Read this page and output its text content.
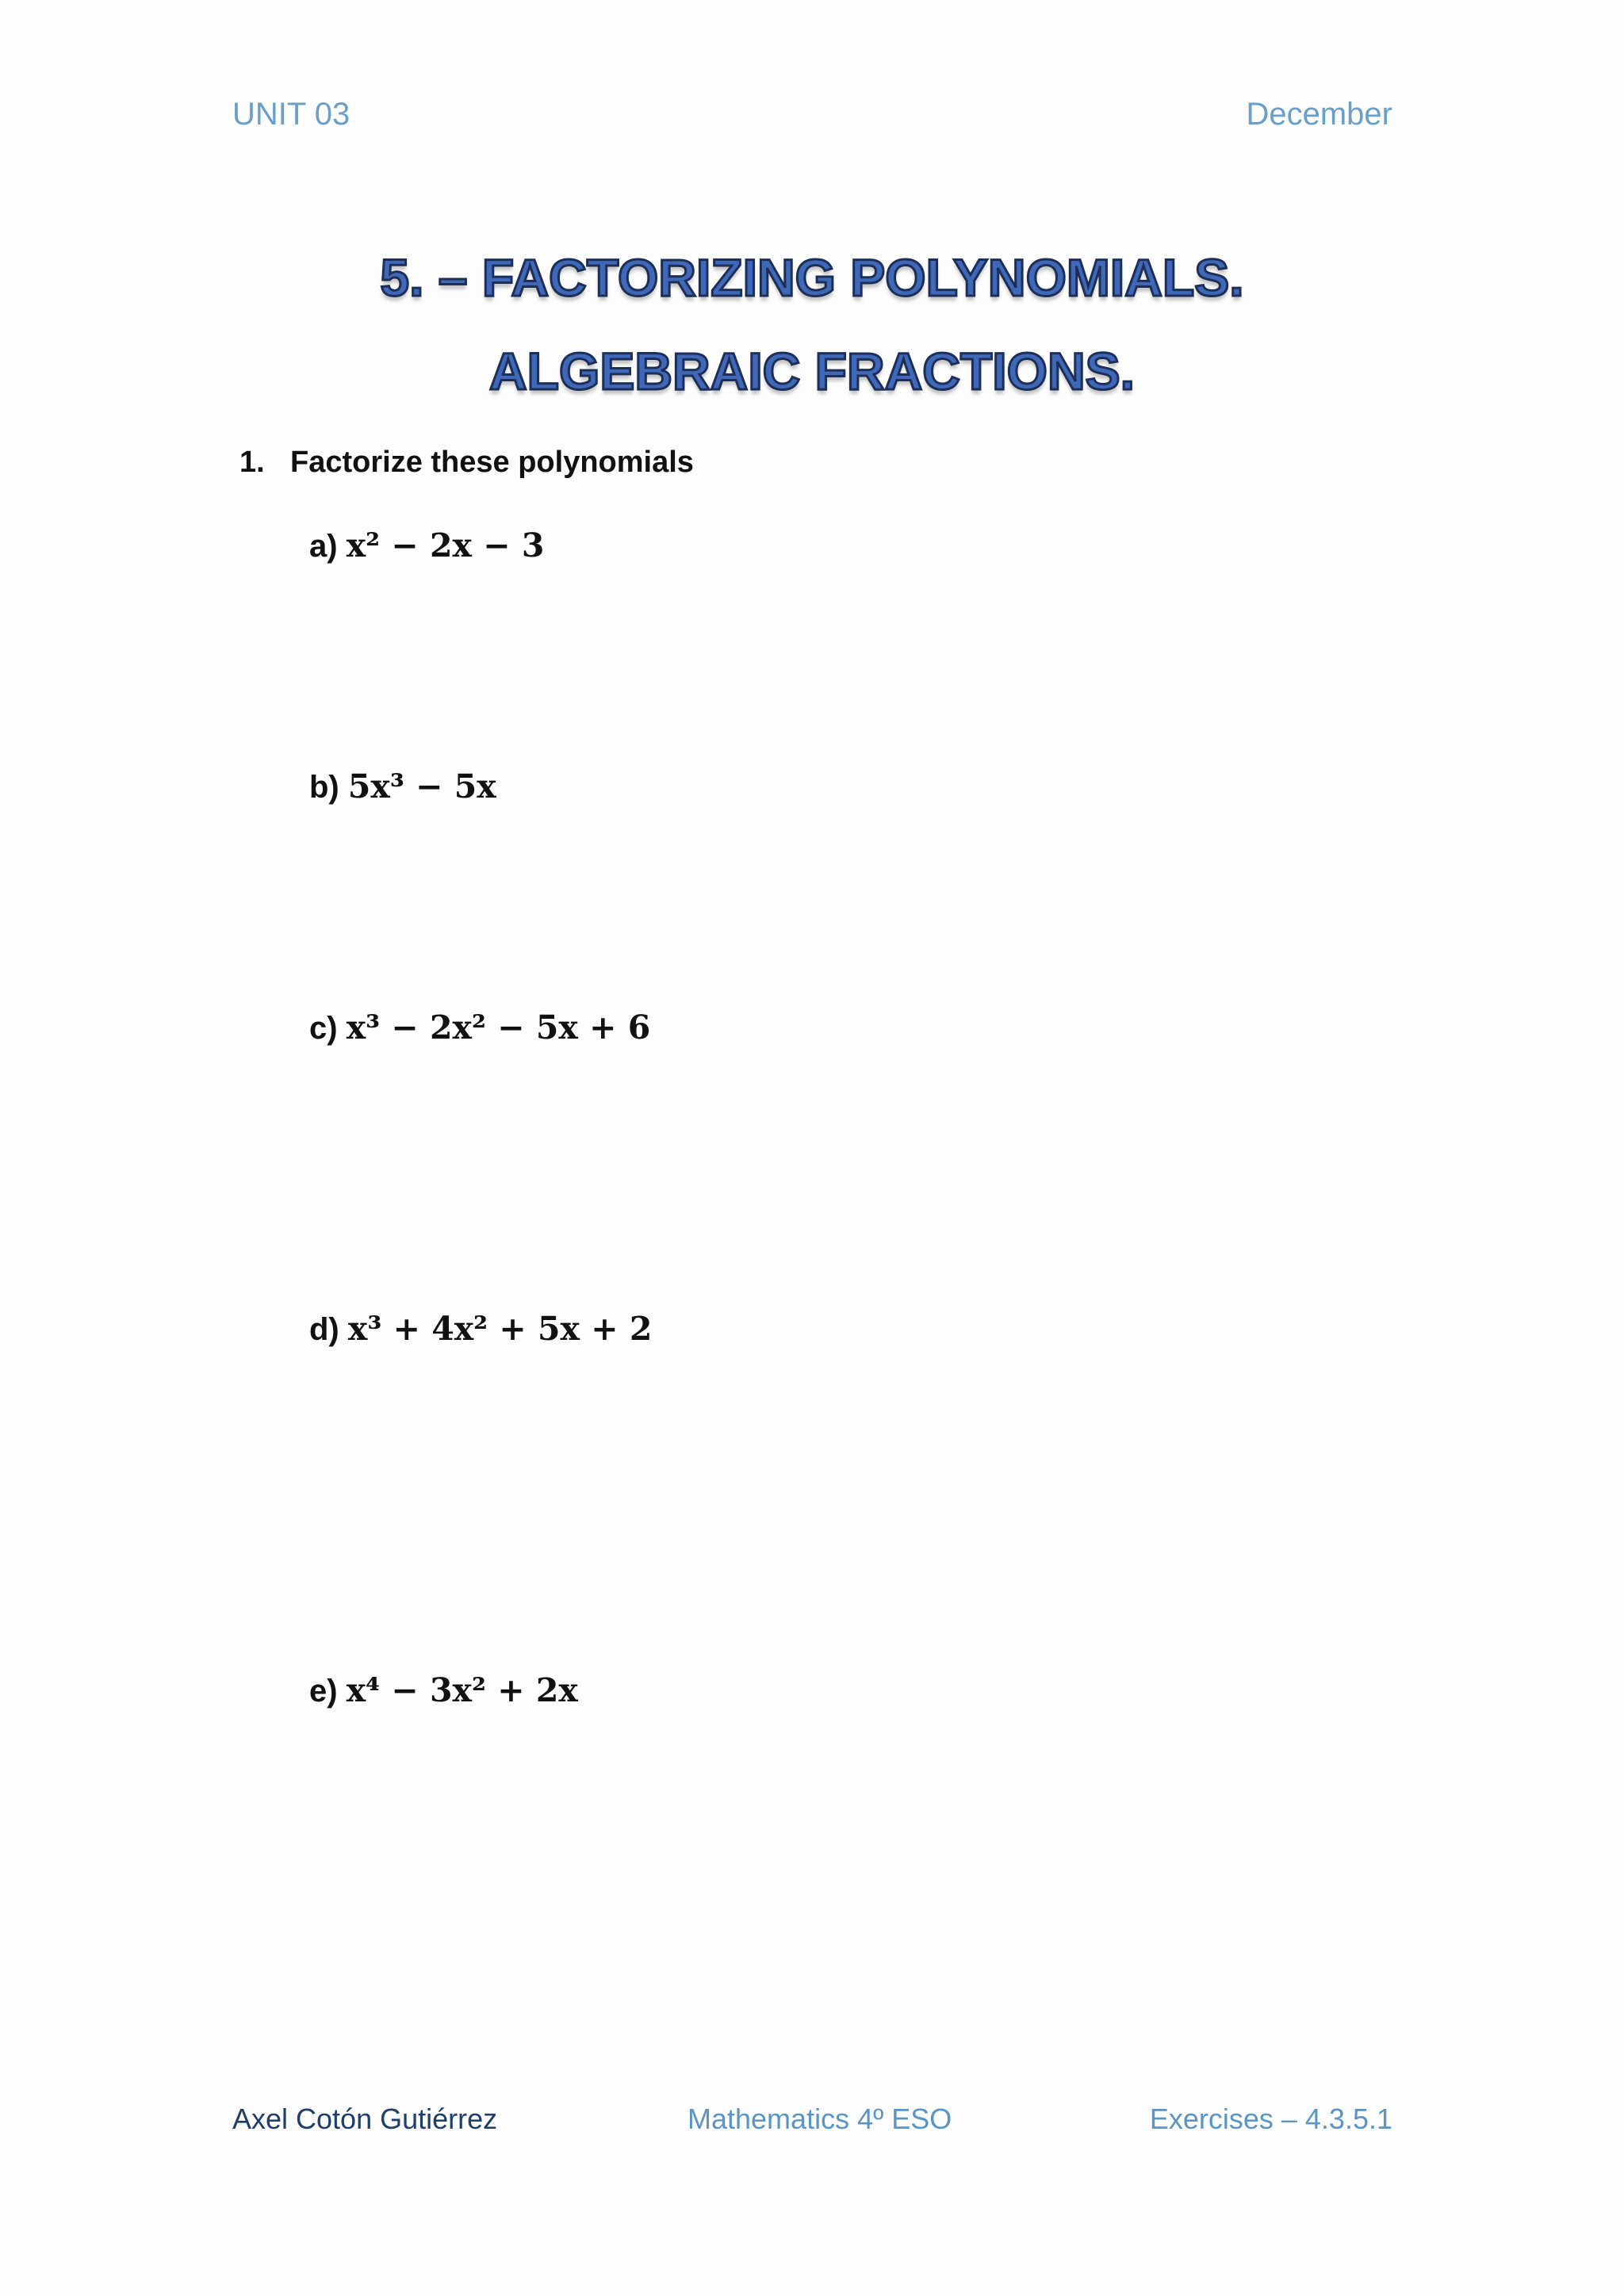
UNIT 03	December
5. – FACTORIZING POLYNOMIALS.
ALGEBRAIC FRACTIONS.
1. Factorize these polynomials
a) x² − 2x − 3
b) 5x³ − 5x
c) x³ − 2x² − 5x + 6
d) x³ + 4x² + 5x + 2
e) x⁴ − 3x² + 2x
Axel Cotón Gutiérrez	Mathematics 4º ESO	Exercises – 4.3.5.1
